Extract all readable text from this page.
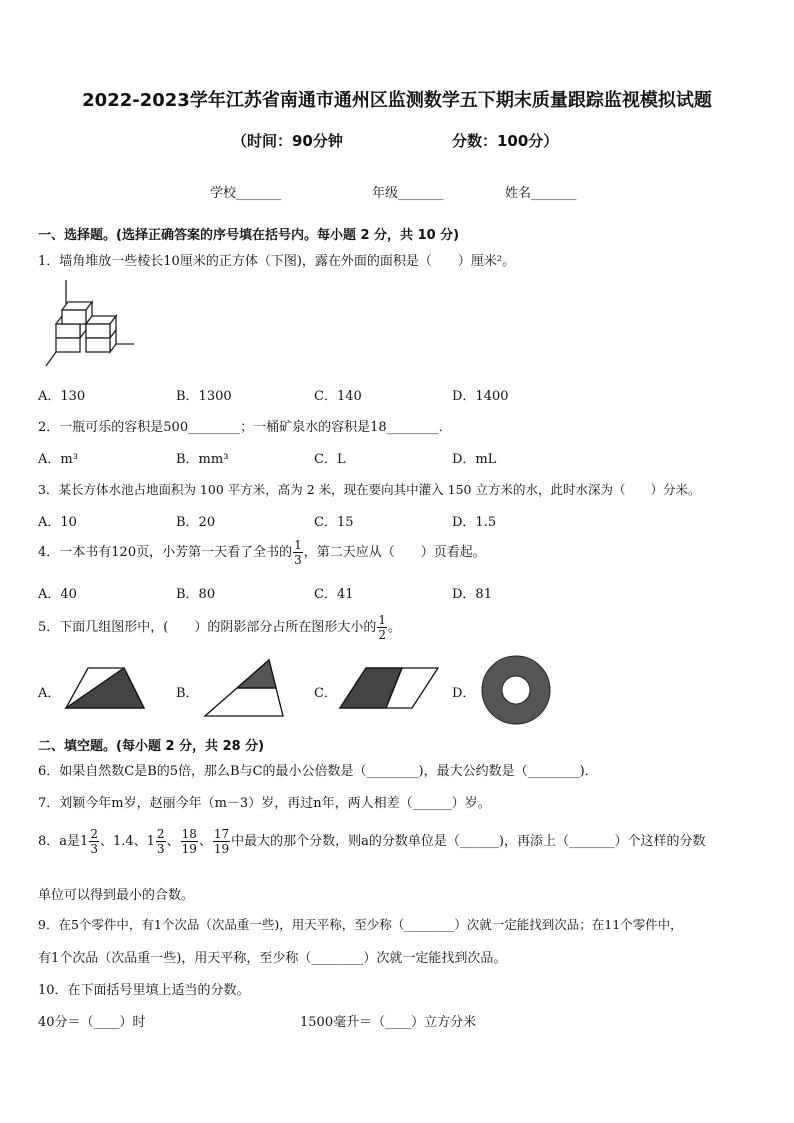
2022-2023学年江苏省南通市通州区监测数学五下期末质量跟踪监视模拟试题
（时间：90分钟	分数：100分）
学校_______	年级_______	姓名_______
一、选择题。(选择正确答案的序号填在括号内。每小题 2 分，共 10 分)
1．墙角堆放一些棱长10厘米的正方体（下图)，露在外面的面积是（　　）厘米²。
A．130	B．1300	C．140	D．1400
2．一瓶可乐的容积是500________；一桶矿泉水的容积是18________．
A．m³	B．mm³	C．L	D．mL
3．某长方体水池占地面积为 100 平方米，高为 2 米，现在要向其中灌入 150 立方米的水，此时水深为（　　）分米。
A．10	B．20	C．15	D．1.5
4．一本书有120页，小芳第一天看了全书的 $\frac{1}{3}$ ，第二天应从（　　）页看起。
A．40	B．80	C．41	D．81
5．下面几组图形中，(　　）的阴影部分占所在图形大小的 $\frac{1}{2}$ 。
A．	B．	C．	D．
二、填空题。(每小题 2 分，共 28 分)
6．如果自然数C是B的5倍，那么B与C的最小公倍数是（________)，最大公约数是（________)．
7．刘颖今年m岁，赵丽今年（m－3）岁，再过n年，两人相差（______）岁。
8．a是$1 \frac{2}{3}$ 、1.4、$1 \frac{2}{3}$ 、 $\frac{18}{19}$ 、 $\frac{17}{19}$ 中最大的那个分数，则a的分数单位是（______)，再添上（_______）个这样的分数
单位可以得到最小的合数。
9．在5个零件中，有1个次品（次品重一些)，用天平称，至少称（________）次就一定能找到次品；在11个零件中，
有1个次品（次品重一些)，用天平称，至少称（________）次就一定能找到次品。
10．在下面括号里填上适当的分数。
40分＝（____）时	1500毫升＝（____）立方分米
